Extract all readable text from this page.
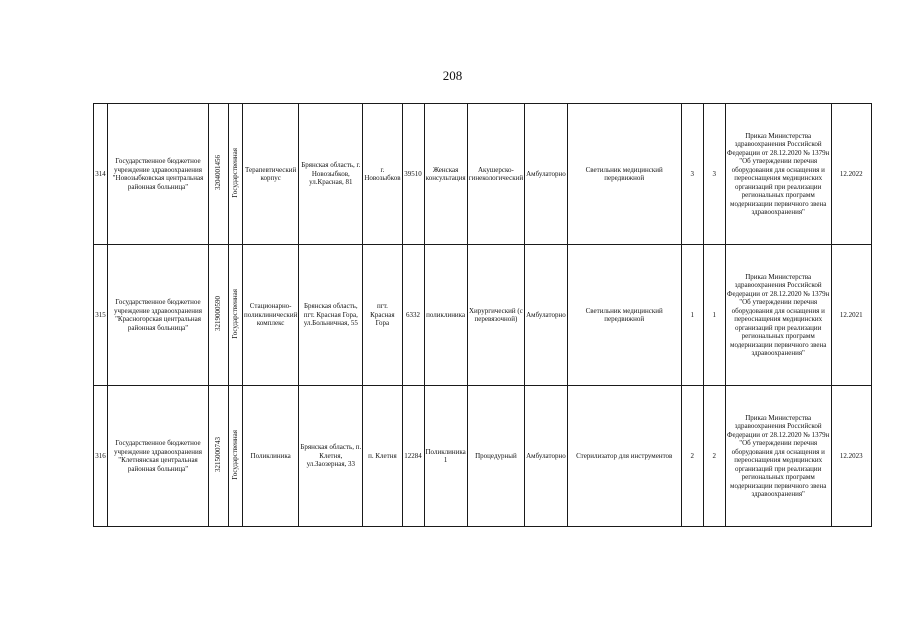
208
314	Государственное бюджетное учреждение здравоохранения "Новозыбковская центральная районная больница"	3204001456	Государственная	Терапевтический корпус	Брянская область, г. Новозыбков, ул.Красная, 81	г. Новозыбков	39510	Женская консультация	Акушерско-гинекологический	Амбулаторно	Светильник медицинский передвижной	3	3	Приказ Министерства здравоохранения Российской Федерации от 28.12.2020 № 1379н "Об утверждении перечня оборудования для оснащения и переоснащения медицинских организаций при реализации региональных программ модернизации первичного звена здравоохранения"	12.2022
315	Государственное бюджетное учреждение здравоохранения "Красногорская центральная районная больница"	3219000590	Государственная	Стационарно-поликлинический комплекс	Брянская область, пгт. Красная Гора, ул.Больничная, 55	пгт. Красная Гора	6332	поликлиника	Хирургический (с перевязочной)	Амбулаторно	Светильник медицинский передвижной	1	1	Приказ Министерства здравоохранения Российской Федерации от 28.12.2020 № 1379н "Об утверждении перечня оборудования для оснащения и переоснащения медицинских организаций при реализации региональных программ модернизации первичного звена здравоохранения"	12.2021
316	Государственное бюджетное учреждение здравоохранения "Клетнянская центральная районная больница"	3215000743	Государственная	Поликлиника	Брянская область, п. Клетня, ул.Заозерная, 33	п. Клетня	12284	Поликлиника 1	Процедурный	Амбулаторно	Стерилизатор для инструментов	2	2	Приказ Министерства здравоохранения Российской Федерации от 28.12.2020 № 1379н "Об утверждении перечня оборудования для оснащения и переоснащения медицинских организаций при реализации региональных программ модернизации первичного звена здравоохранения"	12.2023
